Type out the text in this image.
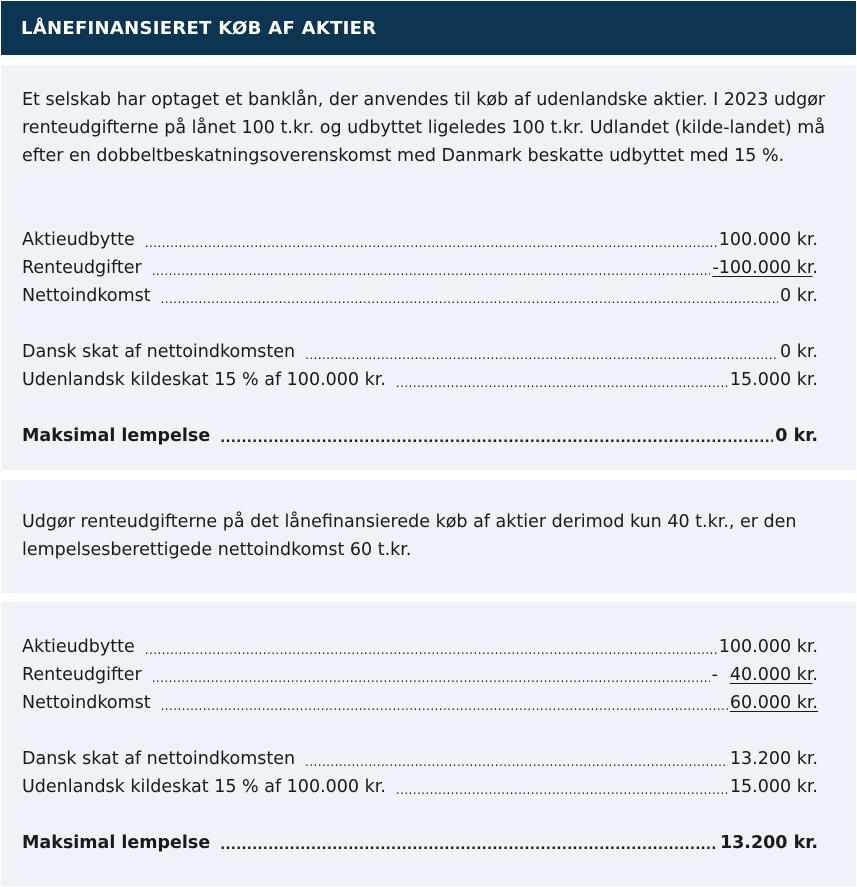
LÅNEFINANSIERET KØB AF AKTIER
Et selskab har optaget et banklån, der anvendes til køb af udenlandske aktier. I 2023 udgør renteudgifterne på lånet 100 t.kr. og udbyttet ligeledes 100 t.kr. Udlandet (kilde-landet) må efter en dobbeltbeskatningsoverenskomst med Danmark beskatte udbyttet med 15 %.
Aktieudbytte .....	100.000 kr.
Renteudgifter .....	-100.000 kr.
Nettoindkomst .....	0 kr.
Dansk skat af nettoindkomsten .....	0 kr.
Udenlandsk kildeskat 15 % af 100.000 kr. .....	15.000 kr.
Maksimal lempelse .....	0 kr.
Udgør renteudgifterne på det lånefinansierede køb af aktier derimod kun 40 t.kr., er den lempelsesberettigede nettoindkomst 60 t.kr.
Aktieudbytte .....	100.000 kr.
Renteudgifter .....	- 40.000 kr.
Nettoindkomst .....	60.000 kr.
Dansk skat af nettoindkomsten .....	13.200 kr.
Udenlandsk kildeskat 15 % af 100.000 kr. .....	15.000 kr.
Maksimal lempelse .....	13.200 kr.
